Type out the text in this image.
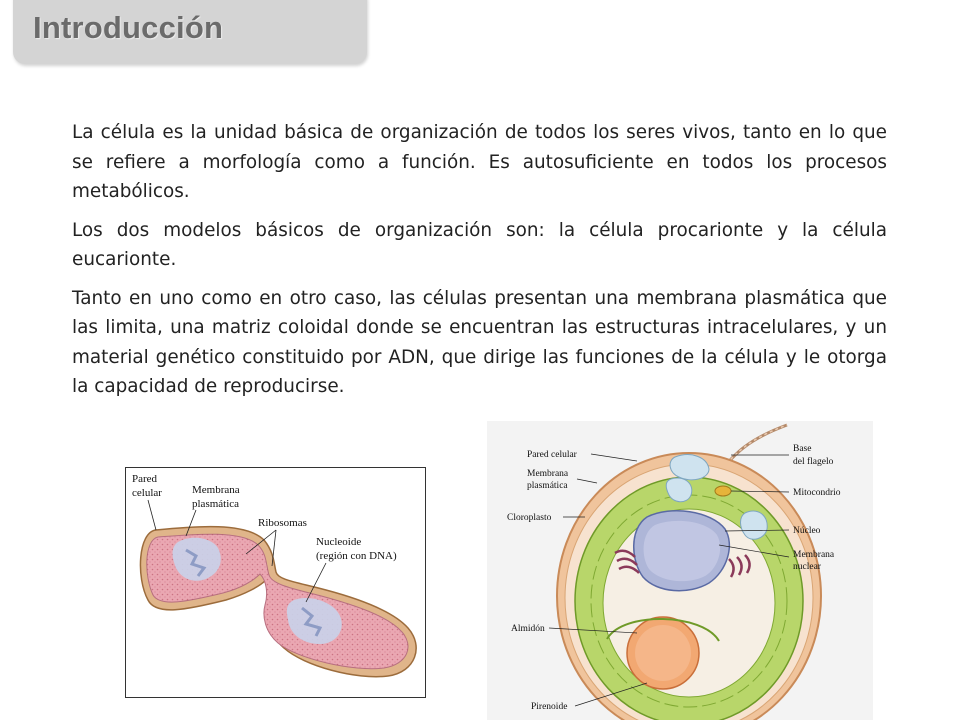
Introducción

La célula es la unidad básica de organización de todos los seres vivos, tanto en lo que se refiere a morfología como a función. Es autosuficiente en todos los procesos metabólicos.

Los dos modelos básicos de organización son: la célula procarionte y la célula eucarionte.

Tanto en uno como en otro caso, las células presentan una membrana plasmática que las limita, una matriz coloidal donde se encuentran las estructuras intracelulares, y un material genético constituido por ADN, que dirige las funciones de la célula y le otorga la capacidad de reproducirse.

Pared
celular	Membrana
plasmática
Ribosomas
Nucleoide
(región con DNA)
Pared celular
Membrana
plasmática
Cloroplasto
Almidón
Pirenoide
Base
del flagelo
Mitocondrio
Núcleo
Membrana
nuclear
